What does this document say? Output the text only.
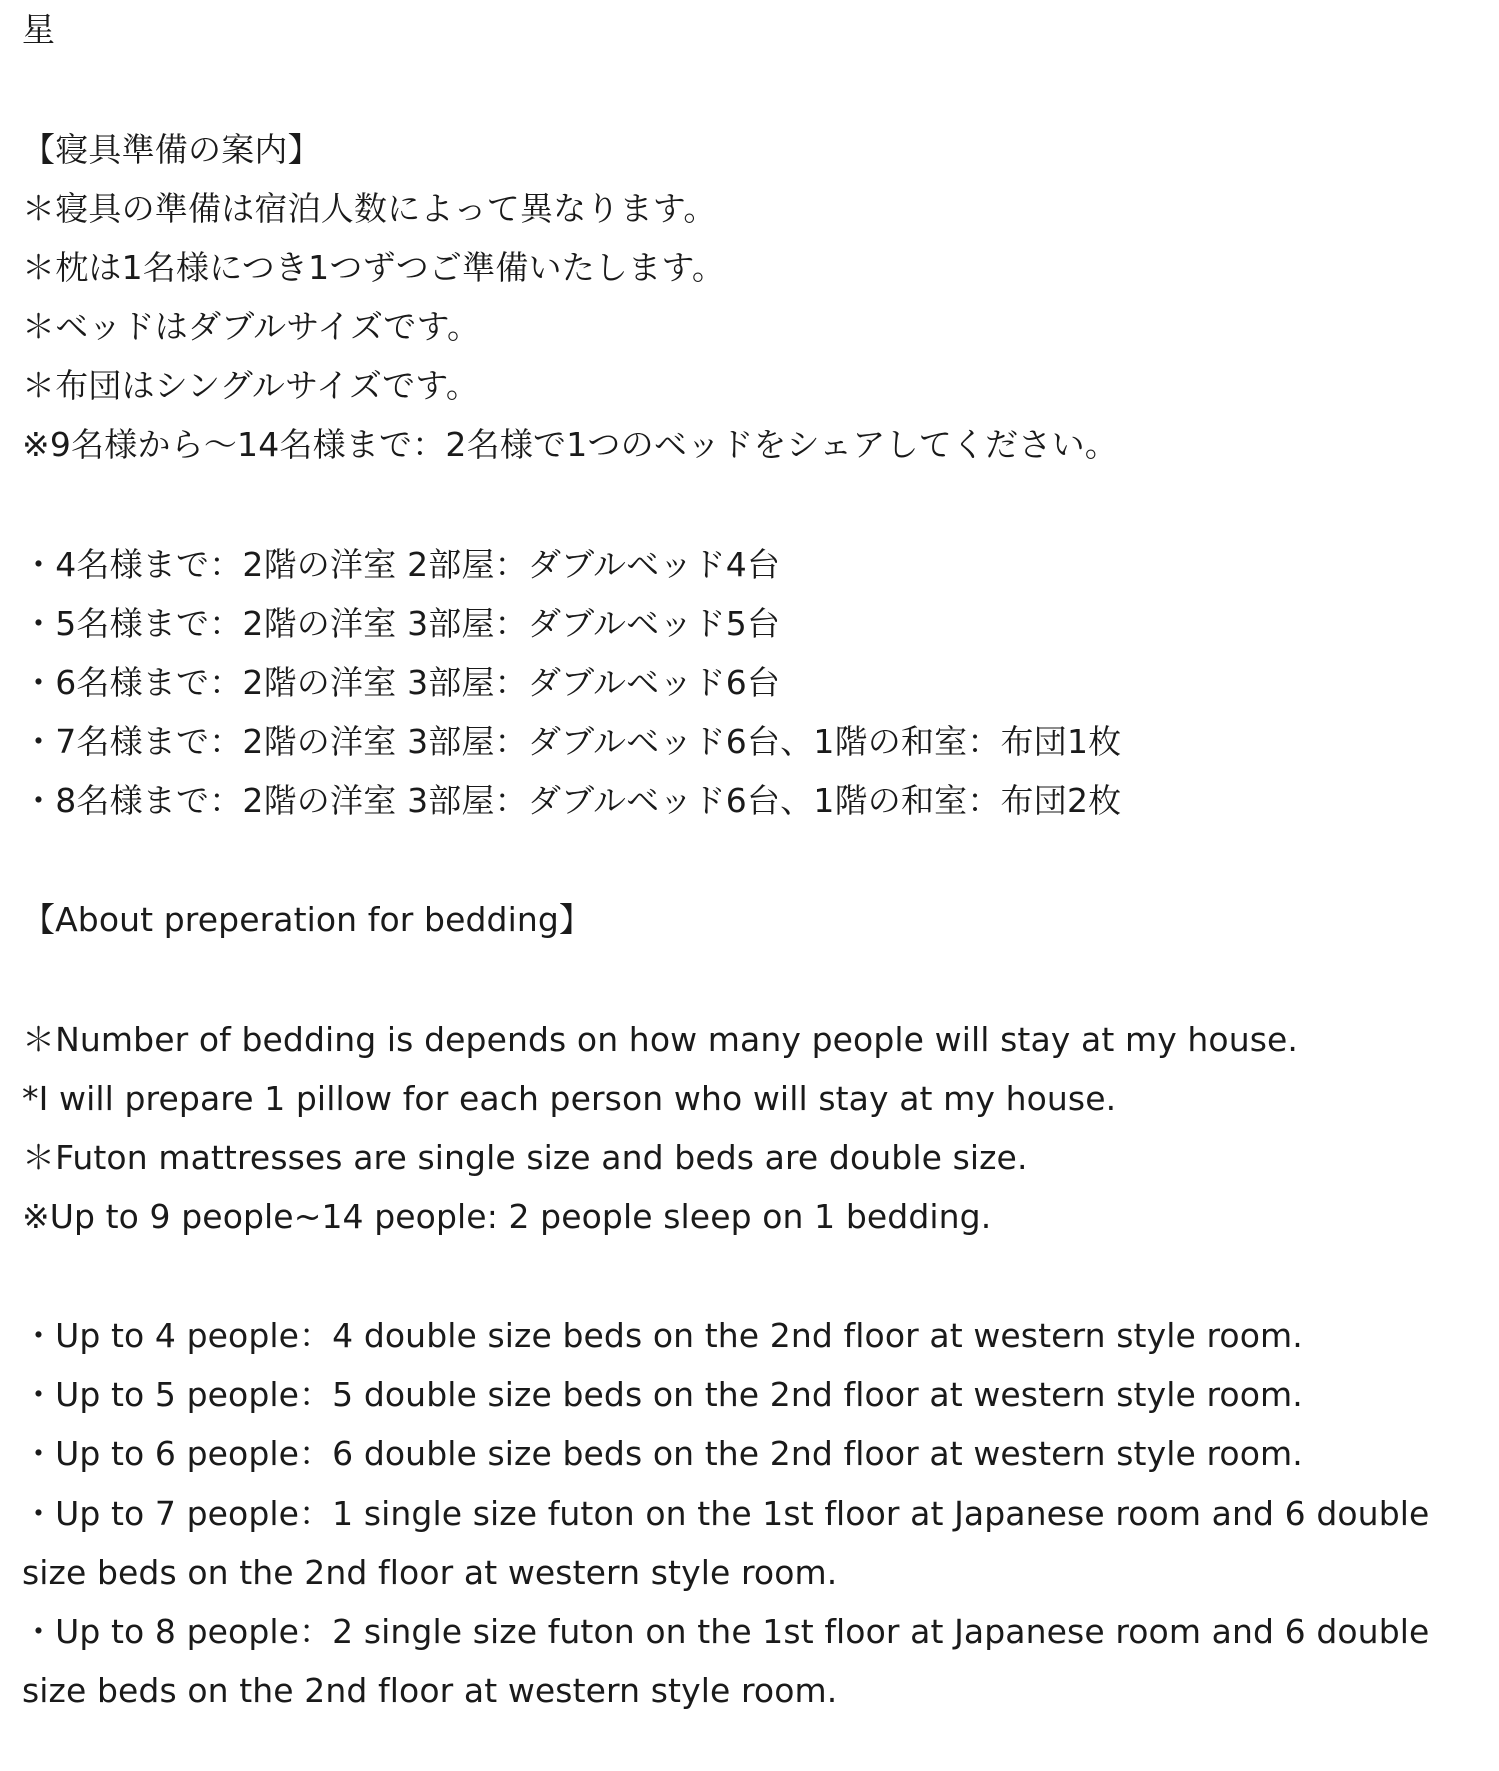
星
【寝具準備の案内】
＊寝具の準備は宿泊人数によって異なります。
＊枕は1名様につき1つずつご準備いたします。
＊ベッドはダブルサイズです。
＊布団はシングルサイズです。
※9名様から～14名様まで：2名様で1つのベッドをシェアしてください。
・4名様まで：2階の洋室 2部屋：ダブルベッド4台
・5名様まで：2階の洋室 3部屋：ダブルベッド5台
・6名様まで：2階の洋室 3部屋：ダブルベッド6台
・7名様まで：2階の洋室 3部屋：ダブルベッド6台、1階の和室：布団1枚
・8名様まで：2階の洋室 3部屋：ダブルベッド6台、1階の和室：布団2枚
【About preperation for bedding】
＊Number of bedding is depends on how many people will stay at my house.
*I will prepare 1 pillow for each person who will stay at my house.
＊Futon mattresses are single size and beds are double size.
※Up to 9 people~14 people: 2 people sleep on 1 bedding.
・Up to 4 people：4 double size beds on the 2nd floor at western style room.
・Up to 5 people：5 double size beds on the 2nd floor at western style room.
・Up to 6 people：6 double size beds on the 2nd floor at western style room.
・Up to 7 people：1 single size futon on the 1st floor at Japanese room and 6 double size beds on the 2nd floor at western style room.
・Up to 8 people：2 single size futon on the 1st floor at Japanese room and 6 double size beds on the 2nd floor at western style room.
